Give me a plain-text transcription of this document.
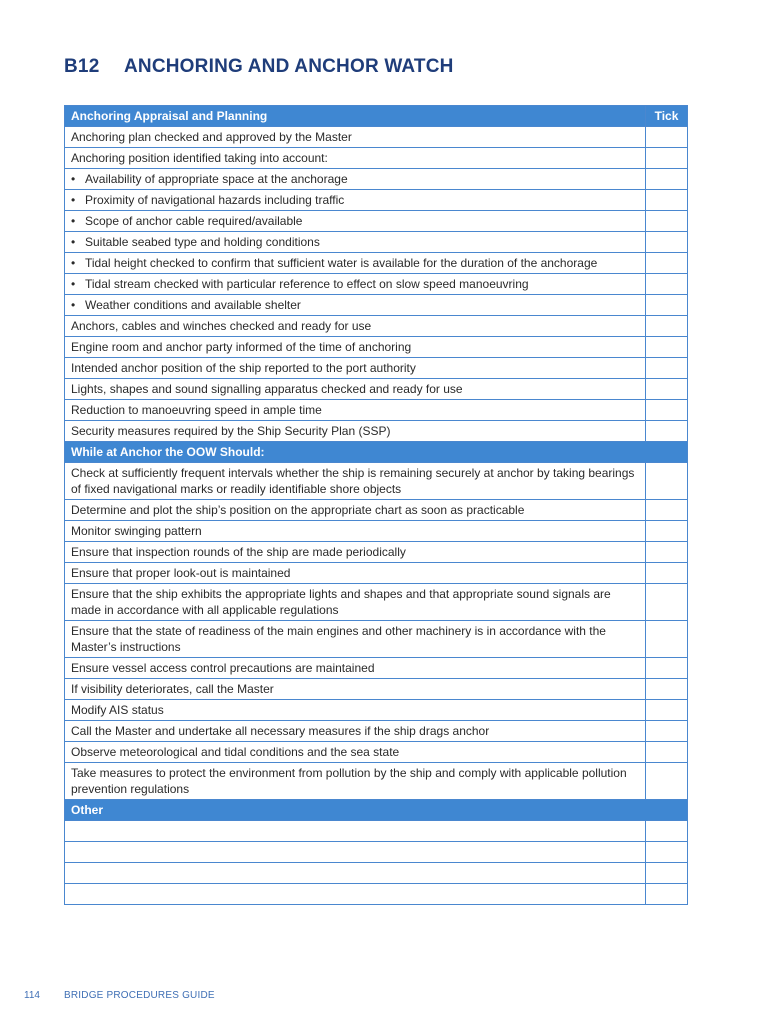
B12 ANCHORING AND ANCHOR WATCH
Anchoring Appraisal and Planning	Tick
Anchoring plan checked and approved by the Master	
Anchoring position identified taking into account:	
• Availability of appropriate space at the anchorage	
• Proximity of navigational hazards including traffic	
• Scope of anchor cable required/available	
• Suitable seabed type and holding conditions	
• Tidal height checked to confirm that sufficient water is available for the duration of the anchorage	
• Tidal stream checked with particular reference to effect on slow speed manoeuvring	
• Weather conditions and available shelter	
Anchors, cables and winches checked and ready for use	
Engine room and anchor party informed of the time of anchoring	
Intended anchor position of the ship reported to the port authority	
Lights, shapes and sound signalling apparatus checked and ready for use	
Reduction to manoeuvring speed in ample time	
Security measures required by the Ship Security Plan (SSP)	
While at Anchor the OOW Should:	
Check at sufficiently frequent intervals whether the ship is remaining securely at anchor by taking bearings of fixed navigational marks or readily identifiable shore objects	
Determine and plot the ship’s position on the appropriate chart as soon as practicable	
Monitor swinging pattern	
Ensure that inspection rounds of the ship are made periodically	
Ensure that proper look-out is maintained	
Ensure that the ship exhibits the appropriate lights and shapes and that appropriate sound signals are made in accordance with all applicable regulations	
Ensure that the state of readiness of the main engines and other machinery is in accordance with the Master’s instructions	
Ensure vessel access control precautions are maintained	
If visibility deteriorates, call the Master	
Modify AIS status	
Call the Master and undertake all necessary measures if the ship drags anchor	
Observe meteorological and tidal conditions and the sea state	
Take measures to protect the environment from pollution by the ship and comply with applicable pollution prevention regulations	
Other	

114 BRIDGE PROCEDURES GUIDE
